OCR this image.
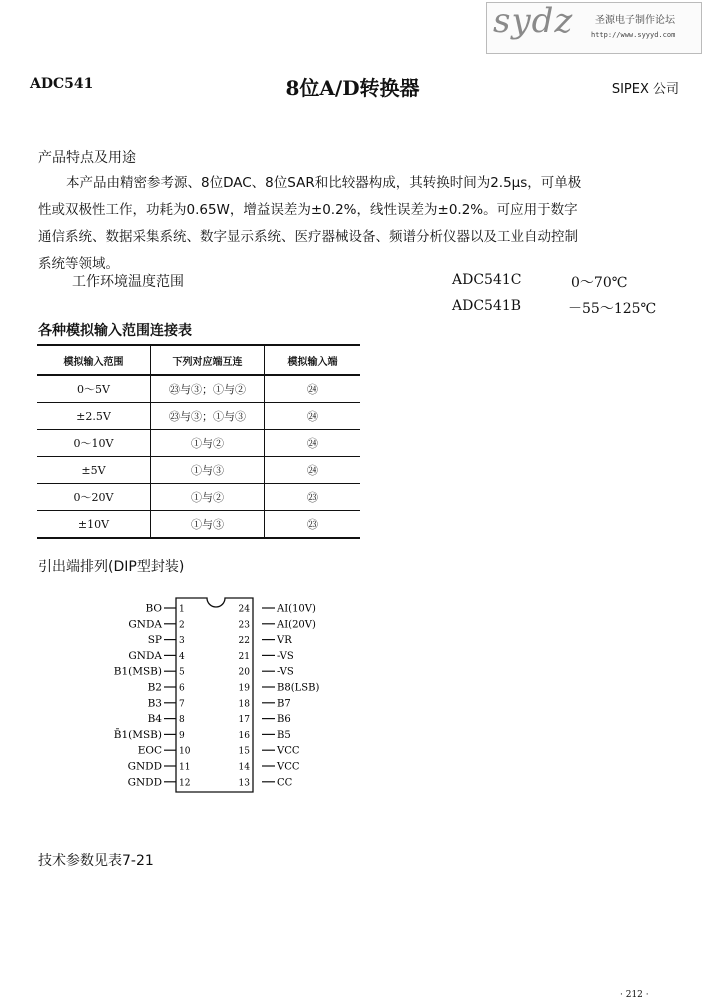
sydz 圣源电子制作论坛
http://www.syyyd.com
ADC541	8位A/D转换器	SIPEX 公司
产品特点及用途
本产品由精密参考源、8位DAC、8位SAR和比较器构成，其转换时间为2.5μs，可单极
性或双极性工作，功耗为0.65W，增益误差为±0.2%，线性误差为±0.2%。可应用于数字
通信系统、数据采集系统、数字显示系统、医疗器械设备、频谱分析仪器以及工业自动控制
系统等领域。
工作环境温度范围	ADC541C	0～70℃
ADC541B	－55～125℃
各种模拟输入范围连接表
模拟输入范围	下列对应端互连	模拟输入端
0～5V	㉓与③；①与②	㉔
±2.5V	㉓与③；①与③	㉔
0～10V	①与②	㉔
±5V	①与③	㉔
0～20V	①与②	㉓
±10V	①与③	㉓
引出端排列(DIP型封装)
BO 1
GNDA 2
SP 3
GNDA 4
B1(MSB) 5
B2 6
B3 7
B4 8
B̄1(MSB) 9
EOC 10
GNDD 11
GNDD 12
24	AI(10V)
23	AI(20V)
22	VR
21	-VS
20	-VS
19	B8(LSB)
18	B7
17	B6
16	B5
15	VCC
14	VCC
13	CC
技术参数见表7-21
· 212 ·
